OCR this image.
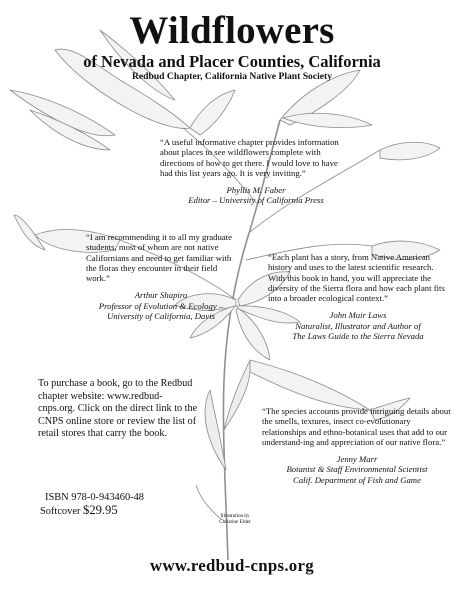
Wildflowers
of Nevada and Placer Counties, California
Redbud Chapter, California Native Plant Society

“A useful informative chapter provides information about places to see wildflowers complete with directions of how to get there. I would love to have had this list years ago. It is very inviting.”

Phyllis M. Faber
Editor – University of California Press

“I am recommending it to all my graduate students, most of whom are not native Californians and need to get familiar with the floras they encounter in their field work.”

Arthur Shapiro
Professor of Evolution & Ecology –
University of California, Davis

“Each plant has a story, from Native American history and uses to the latest scientific research. With this book in hand, you will appreciate the diversity of the Sierra flora and how each plant fits into a broader ecological context.”

John Muir Laws
Naturalist, Illustrator and Author of
The Laws Guide to the Sierra Nevada

“The species accounts provide intriguing details about the smells, textures, insect co-evolutionary relationships and ethno-botanical uses that add to our understand-ing and appreciation of our native flora.”

Jenny Marr
Botanist & Staff Environmental Scientist
Calif. Department of Fish and Game

To purchase a book, go to the Redbud chapter website: www.redbud-cnps.org. Click on the direct link to the CNPS online store or review the list of retail stores that carry the book.
ISBN 978-0-943460-48
Softcover $29.95	Illustration by
Christine Elder
www.redbud-cnps.org
